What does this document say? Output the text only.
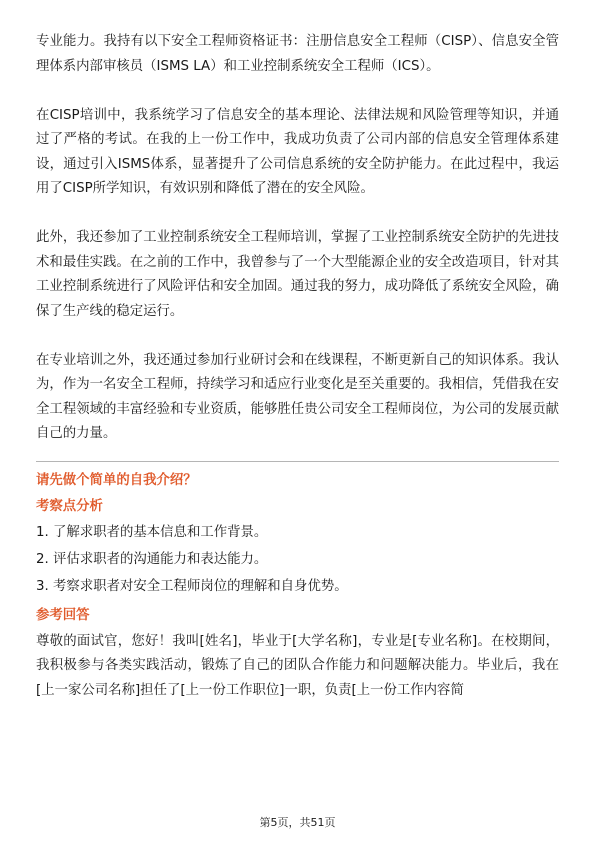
专业能力。我持有以下安全工程师资格证书：注册信息安全工程师（CISP）、信息安全管理体系内部审核员（ISMS LA）和工业控制系统安全工程师（ICS）。

在CISP培训中，我系统学习了信息安全的基本理论、法律法规和风险管理等知识，并通过了严格的考试。在我的上一份工作中，我成功负责了公司内部的信息安全管理体系建设，通过引入ISMS体系，显著提升了公司信息系统的安全防护能力。在此过程中，我运用了CISP所学知识，有效识别和降低了潜在的安全风险。

此外，我还参加了工业控制系统安全工程师培训，掌握了工业控制系统安全防护的先进技术和最佳实践。在之前的工作中，我曾参与了一个大型能源企业的安全改造项目，针对其工业控制系统进行了风险评估和安全加固。通过我的努力，成功降低了系统安全风险，确保了生产线的稳定运行。

在专业培训之外，我还通过参加行业研讨会和在线课程，不断更新自己的知识体系。我认为，作为一名安全工程师，持续学习和适应行业变化是至关重要的。我相信，凭借我在安全工程领域的丰富经验和专业资质，能够胜任贵公司安全工程师岗位，为公司的发展贡献自己的力量。

请先做个简单的自我介绍？

考察点分析

1. 了解求职者的基本信息和工作背景。

2. 评估求职者的沟通能力和表达能力。

3. 考察求职者对安全工程师岗位的理解和自身优势。

参考回答

尊敬的面试官，您好！我叫[姓名]，毕业于[大学名称]，专业是[专业名称]。在校期间，我积极参与各类实践活动，锻炼了自己的团队合作能力和问题解决能力。毕业后，我在[上一家公司名称]担任了[上一份工作职位]一职，负责[上一份工作内容简

第5页，共51页
